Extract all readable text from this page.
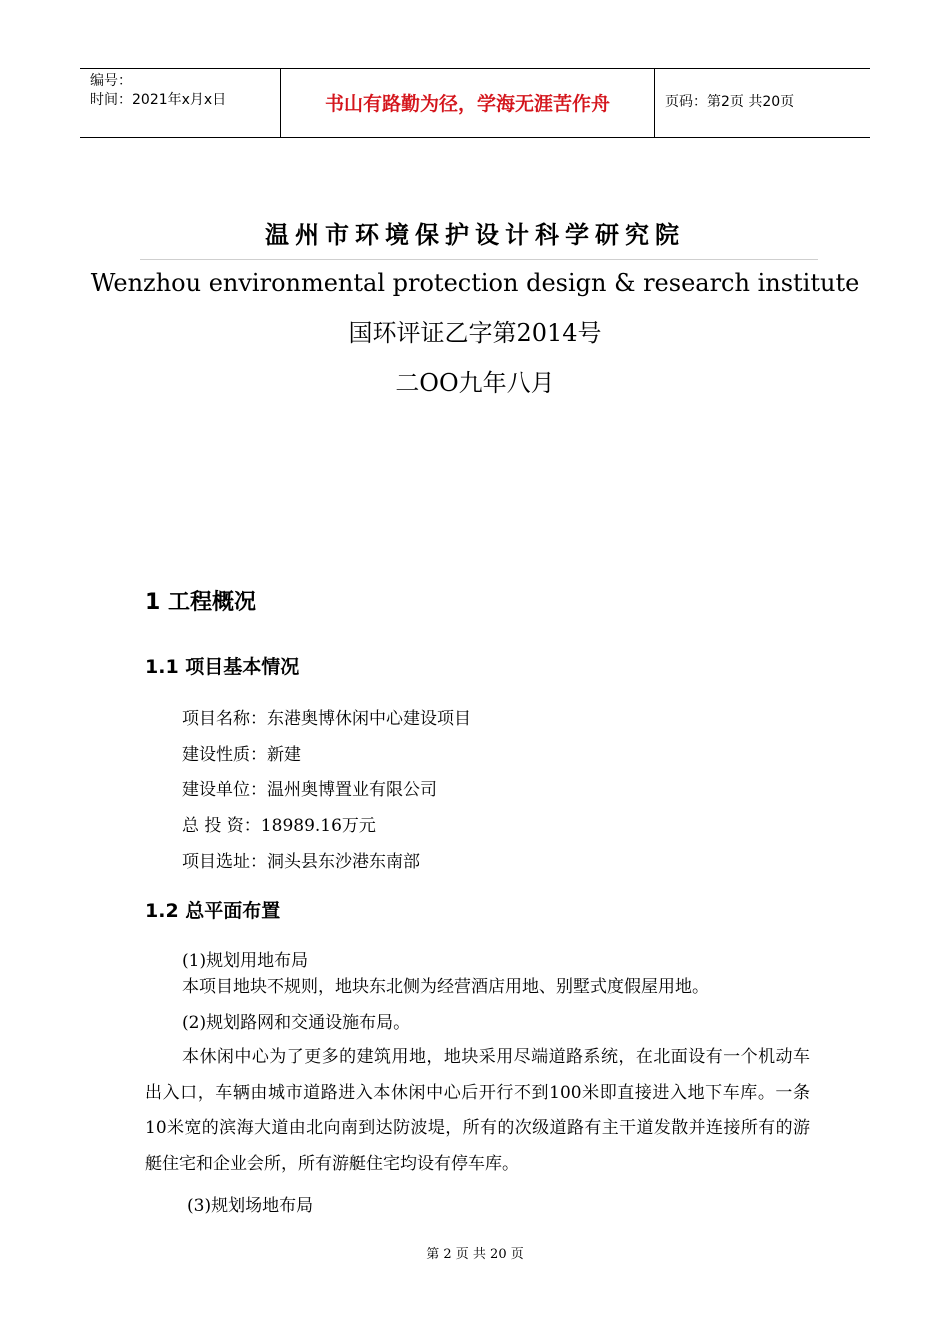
编号：
时间：2021年x月x日	书山有路勤为径，学海无涯苦作舟	页码：第2页 共20页
温州市环境保护设计科学研究院
Wenzhou environmental protection design & research institute
国环评证乙字第2014号
二OO九年八月
1 工程概况
1.1 项目基本情况
项目名称：东港奥博休闲中心建设项目
建设性质：新建
建设单位：温州奥博置业有限公司
总 投 资：18989.16万元
项目选址：洞头县东沙港东南部
1.2 总平面布置
(1)规划用地布局
本项目地块不规则，地块东北侧为经营酒店用地、别墅式度假屋用地。
(2)规划路网和交通设施布局。
本休闲中心为了更多的建筑用地，地块采用尽端道路系统，在北面设有一个机动车出入口，车辆由城市道路进入本休闲中心后开行不到100米即直接进入地下车库。一条10米宽的滨海大道由北向南到达防波堤，所有的次级道路有主干道发散并连接所有的游艇住宅和企业会所，所有游艇住宅均设有停车库。
(3)规划场地布局
第 2 页 共 20 页
